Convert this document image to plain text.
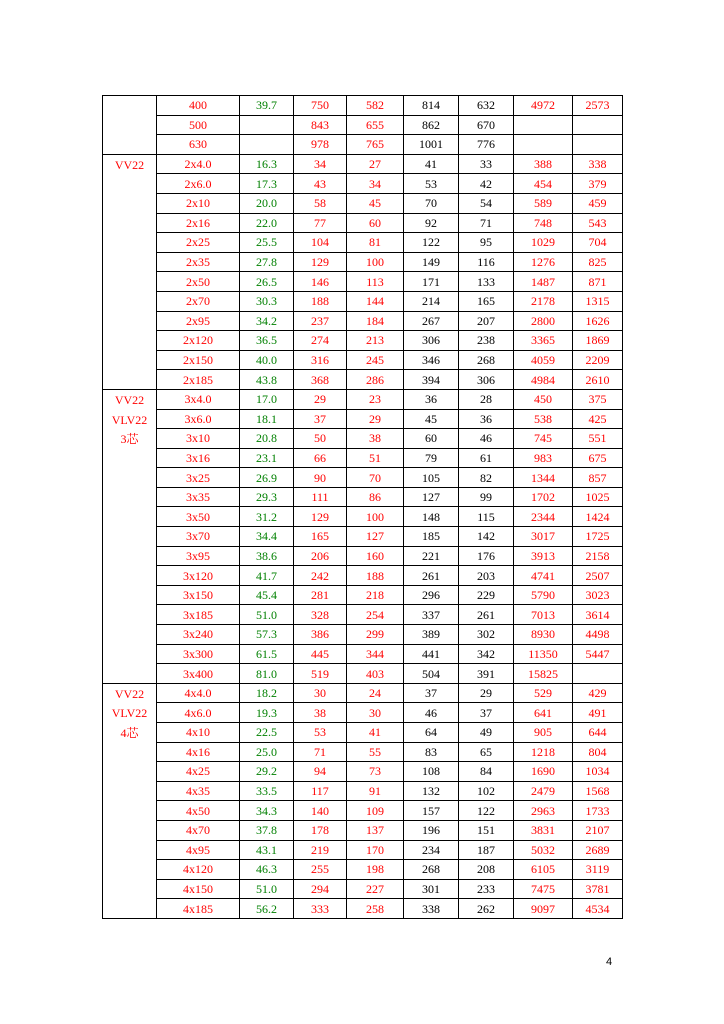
	400	39.7	750	582	814	632	4972	2573
	500		843	655	862	670		
	630		978	765	1001	776		

VV22	2x4.0	16.3	34	27	41	33	388	338
	2x6.0	17.3	43	34	53	42	454	379
	2x10	20.0	58	45	70	54	589	459
	2x16	22.0	77	60	92	71	748	543
	2x25	25.5	104	81	122	95	1029	704
	2x35	27.8	129	100	149	116	1276	825
	2x50	26.5	146	113	171	133	1487	871
	2x70	30.3	188	144	214	165	2178	1315
	2x95	34.2	237	184	267	207	2800	1626
	2x120	36.5	274	213	306	238	3365	1869
	2x150	40.0	316	245	346	268	4059	2209
	2x185	43.8	368	286	394	306	4984	2610

VV22
VLV22
3芯	3x4.0	17.0	29	23	36	28	450	375
	3x6.0	18.1	37	29	45	36	538	425
	3x10	20.8	50	38	60	46	745	551
	3x16	23.1	66	51	79	61	983	675
	3x25	26.9	90	70	105	82	1344	857
	3x35	29.3	111	86	127	99	1702	1025
	3x50	31.2	129	100	148	115	2344	1424
	3x70	34.4	165	127	185	142	3017	1725
	3x95	38.6	206	160	221	176	3913	2158
	3x120	41.7	242	188	261	203	4741	2507
	3x150	45.4	281	218	296	229	5790	3023
	3x185	51.0	328	254	337	261	7013	3614
	3x240	57.3	386	299	389	302	8930	4498
	3x300	61.5	445	344	441	342	11350	5447
	3x400	81.0	519	403	504	391	15825	

VV22
VLV22
4芯	4x4.0	18.2	30	24	37	29	529	429
	4x6.0	19.3	38	30	46	37	641	491
	4x10	22.5	53	41	64	49	905	644
	4x16	25.0	71	55	83	65	1218	804
	4x25	29.2	94	73	108	84	1690	1034
	4x35	33.5	117	91	132	102	2479	1568
	4x50	34.3	140	109	157	122	2963	1733
	4x70	37.8	178	137	196	151	3831	2107
	4x95	43.1	219	170	234	187	5032	2689
	4x120	46.3	255	198	268	208	6105	3119
	4x150	51.0	294	227	301	233	7475	3781
	4x185	56.2	333	258	338	262	9097	4534
4
